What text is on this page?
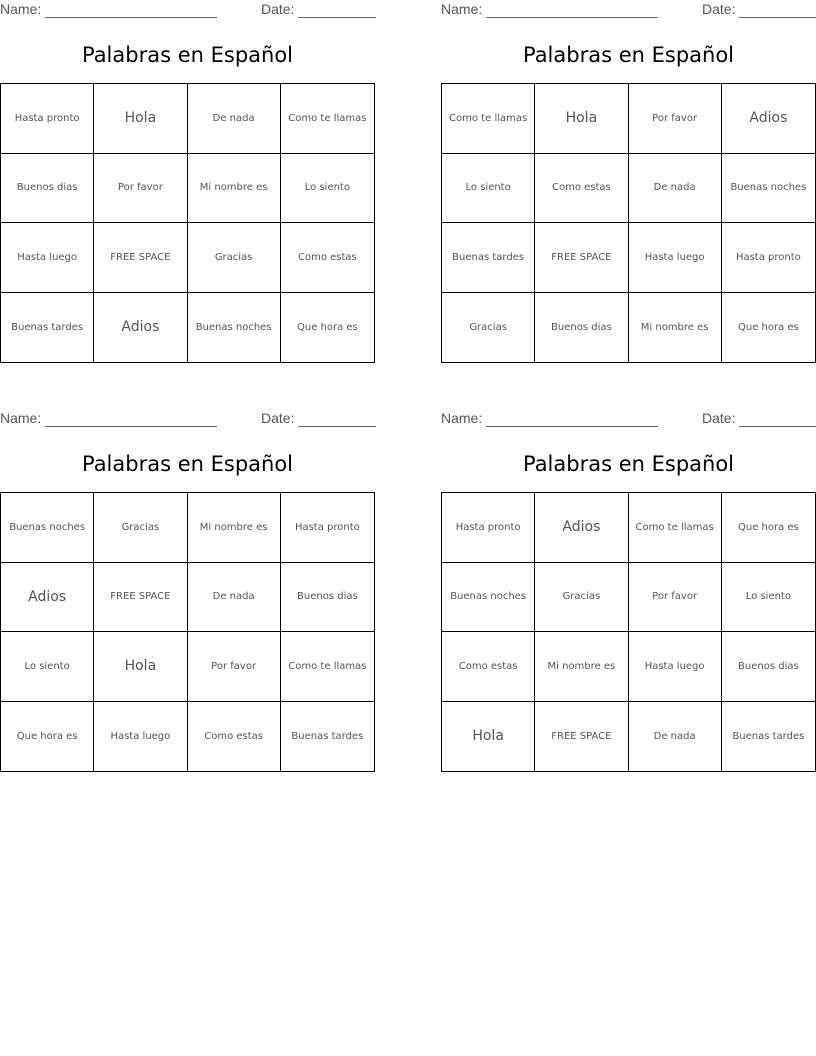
Name:	Date:
Palabras en Español
Hasta pronto	Hola	De nada	Como te llamas
Buenos dias	Por favor	Mi nombre es	Lo siento
Hasta luego	FREE SPACE	Gracias	Como estas
Buenas tardes	Adios	Buenas noches	Que hora es
Name:	Date:
Palabras en Español
Como te llamas	Hola	Por favor	Adios
Lo siento	Como estas	De nada	Buenas noches
Buenas tardes	FREE SPACE	Hasta luego	Hasta pronto
Gracias	Buenos dias	Mi nombre es	Que hora es
Name:	Date:
Palabras en Español
Buenas noches	Gracias	Mi nombre es	Hasta pronto
Adios	FREE SPACE	De nada	Buenos dias
Lo siento	Hola	Por favor	Como te llamas
Que hora es	Hasta luego	Como estas	Buenas tardes
Name:	Date:
Palabras en Español
Hasta pronto	Adios	Como te llamas	Que hora es
Buenas noches	Gracias	Por favor	Lo siento
Como estas	Mi nombre es	Hasta luego	Buenos dias
Hola	FREE SPACE	De nada	Buenas tardes
